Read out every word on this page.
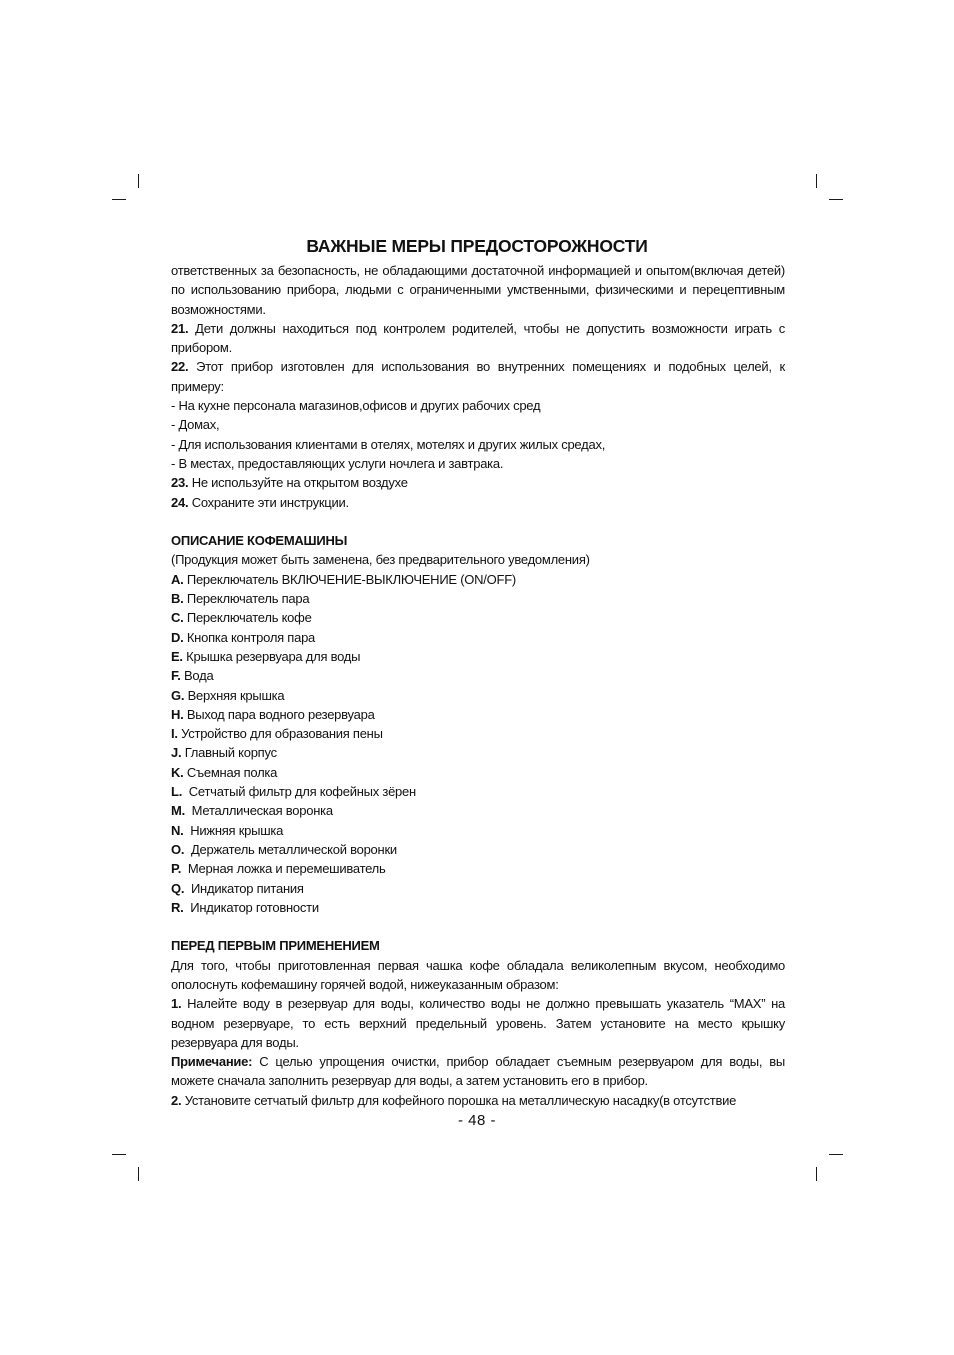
ВАЖНЫЕ МЕРЫ ПРЕДОСТОРОЖНОСТИ

ответственных за безопасность, не обладающими достаточной информацией и опытом(включая детей) по использованию прибора, людьми с ограниченными умственными, физическими и перецептивным возможностями.

21. Дети должны находиться под контролем родителей, чтобы не допустить возможности играть с прибором.

22. Этот прибор изготовлен для использования во внутренних помещениях и подобных целей, к примеру:

- На кухне персонала магазинов,офисов и других рабочих сред

- Домах,

- Для использования клиентами в отелях, мотелях и других жилых средах,

- В местах, предоставляющих услуги ночлега и завтрака.

23. Не используйте на открытом воздухе

24. Сохраните эти инструкции.

ОПИСАНИЕ КОФЕМАШИНЫ

(Продукция может быть заменена, без предварительного уведомления)

A. Переключатель ВКЛЮЧЕНИЕ-ВЫКЛЮЧЕНИЕ (ON/OFF)

B. Переключатель пара

C. Переключатель кофе

D. Кнопка контроля пара

E. Крышка резервуара для воды

F. Вода

G. Верхняя крышка

H. Выход пара водного резервуара

I. Устройство для образования пены

J. Главный корпус

K. Съемная полка

L.  Сетчатый фильтр для кофейных зёрен

M.  Металлическая воронка

N.  Нижняя крышка

O.  Держатель металлической воронки

P.  Мерная ложка и перемешиватель

Q.  Индикатор питания

R.  Индикатор готовности

ПЕРЕД ПЕРВЫМ ПРИМЕНЕНИЕМ

Для того, чтобы приготовленная первая чашка кофе обладала великолепным вкусом, необходимо ополоснуть кофемашину горячей водой, нижеуказанным образом:

1. Налейте воду в резервуар для воды, количество воды не должно превышать указатель “MAX” на водном резервуаре, то есть верхний предельный уровень. Затем установите на место крышку резервуара для воды.

Примечание: С целью упрощения очистки, прибор обладает съемным резервуаром для воды, вы можете сначала заполнить резервуар для воды, а затем установить его в прибор.

2. Установите сетчатый фильтр для кофейного порошка на металлическую насадку(в отсутствие

- 48 -
